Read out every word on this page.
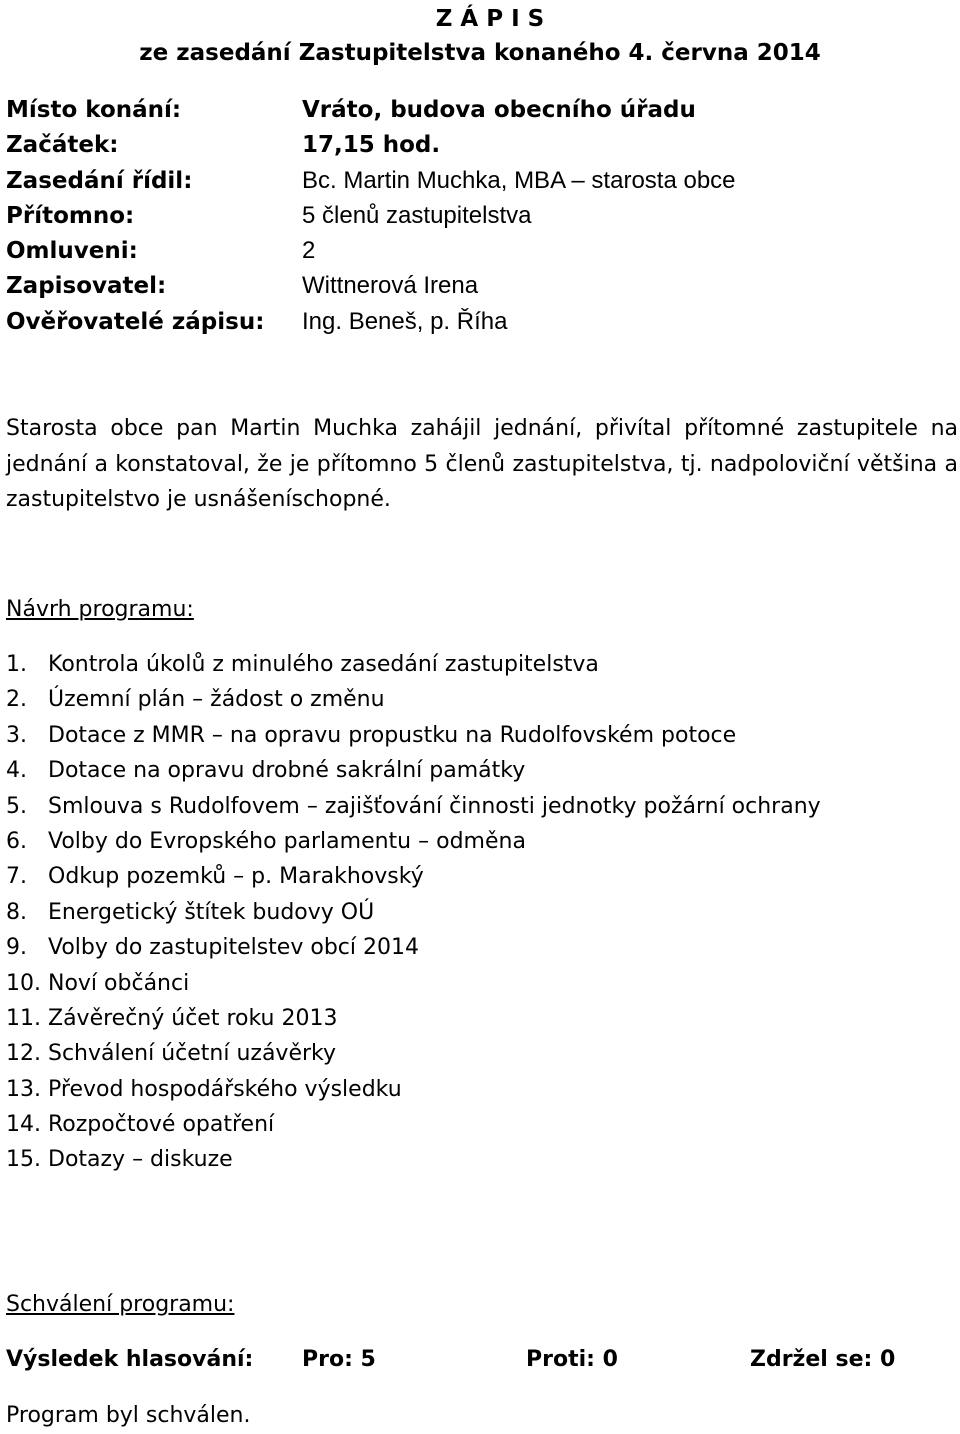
Z Á P I S
ze zasedání Zastupitelstva konaného 4. června 2014
Místo konání:	Vráto, budova obecního úřadu
Začátek:	17,15 hod.
Zasedání řídil:	Bc. Martin Muchka, MBA – starosta obce
Přítomno:	5 členů zastupitelstva
Omluveni:	2
Zapisovatel:	Wittnerová Irena
Ověřovatelé zápisu: Ing. Beneš, p. Říha
Starosta obce pan Martin Muchka zahájil jednání, přivítal přítomné zastupitele na jednání a konstatoval, že je přítomno 5 členů zastupitelstva, tj. nadpoloviční většina a zastupitelstvo je usnášeníschopné.
Návrh programu:
1. Kontrola úkolů z minulého zasedání zastupitelstva
2. Územní plán – žádost o změnu
3. Dotace z MMR – na opravu propustku na Rudolfovském potoce
4. Dotace na opravu drobné sakrální památky
5. Smlouva s Rudolfovem – zajišťování činnosti jednotky požární ochrany
6. Volby do Evropského parlamentu – odměna
7. Odkup pozemků – p. Marakhovský
8. Energetický štítek budovy OÚ
9. Volby do zastupitelstev obcí 2014
10. Noví občánci
11. Závěrečný účet roku 2013
12. Schválení účetní uzávěrky
13. Převod hospodářského výsledku
14. Rozpočtové opatření
15. Dotazy – diskuze
Schválení programu:
Výsledek hlasování: Pro: 5	Proti: 0	Zdržel se: 0
Program byl schválen.
